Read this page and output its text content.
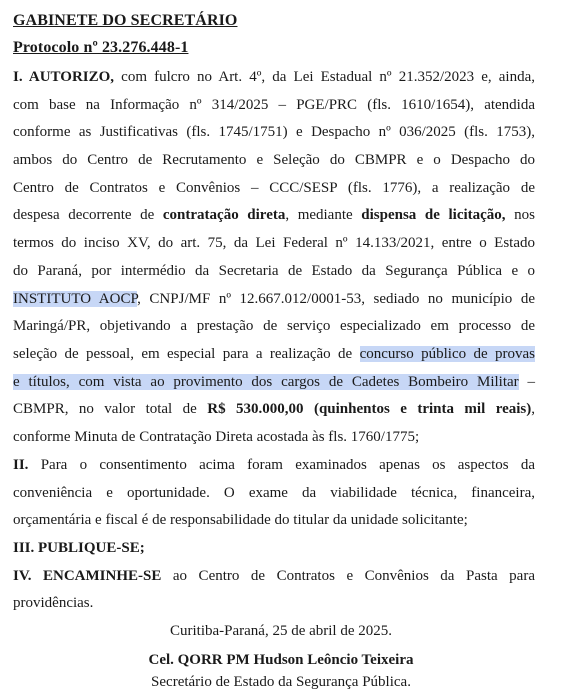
GABINETE DO SECRETÁRIO
Protocolo nº 23.276.448-1
I. AUTORIZO, com fulcro no Art. 4º, da Lei Estadual nº 21.352/2023 e, ainda,
com base na Informação nº 314/2025 – PGE/PRC (fls. 1610/1654), atendida
conforme as Justificativas (fls. 1745/1751) e Despacho nº 036/2025 (fls. 1753),
ambos do Centro de Recrutamento e Seleção do CBMPR e o Despacho do
Centro de Contratos e Convênios – CCC/SESP (fls. 1776), a realização de
despesa decorrente de contratação direta, mediante dispensa de licitação, nos
termos do inciso XV, do art. 75, da Lei Federal nº 14.133/2021, entre o Estado
do Paraná, por intermédio da Secretaria de Estado da Segurança Pública e o
INSTITUTO AOCP, CNPJ/MF nº 12.667.012/0001-53, sediado no município de
Maringá/PR, objetivando a prestação de serviço especializado em processo de
seleção de pessoal, em especial para a realização de concurso público de provas
e títulos, com vista ao provimento dos cargos de Cadetes Bombeiro Militar –
CBMPR, no valor total de R$ 530.000,00 (quinhentos e trinta mil reais),
conforme Minuta de Contratação Direta acostada às fls. 1760/1775;
II. Para o consentimento acima foram examinados apenas os aspectos da
conveniência e oportunidade. O exame da viabilidade técnica, financeira,
orçamentária e fiscal é de responsabilidade do titular da unidade solicitante;
III. PUBLIQUE-SE;
IV. ENCAMINHE-SE ao Centro de Contratos e Convênios da Pasta para
providências.
Curitiba-Paraná, 25 de abril de 2025.
Cel. QORR PM Hudson Leôncio Teixeira
Secretário de Estado da Segurança Pública.
